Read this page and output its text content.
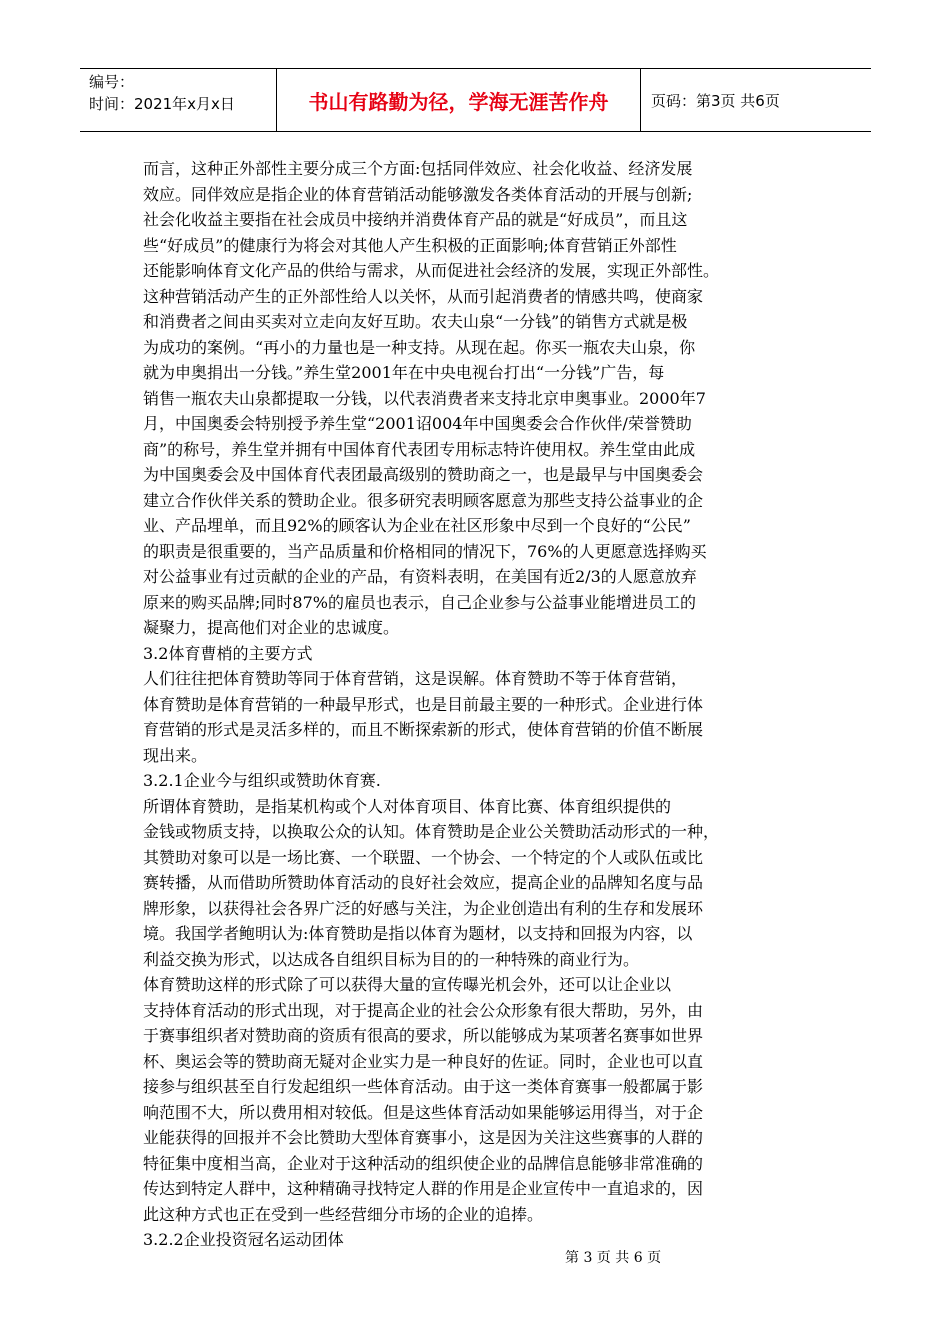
编号：
时间：2021年x月x日	书山有路勤为径，学海无涯苦作舟	页码：第3页 共6页
而言，这种正外部性主要分成三个方面:包括同伴效应、社会化收益、经济发展
效应。同伴效应是指企业的体育营销活动能够激发各类体育活动的开展与创新;
社会化收益主要指在社会成员中接纳并消费体育产品的就是“好成员”，而且这
些“好成员”的健康行为将会对其他人产生积极的正面影响;体育营销正外部性
还能影响体育文化产品的供给与需求，从而促进社会经济的发展，实现正外部性。
这种营销活动产生的正外部性给人以关怀，从而引起消费者的情感共鸣，使商家
和消费者之间由买卖对立走向友好互助。农夫山泉“一分钱”的销售方式就是极
为成功的案例。“再小的力量也是一种支持。从现在起。你买一瓶农夫山泉，你
就为申奥捐出一分钱。”养生堂2001年在中央电视台打出“一分钱”广告，每
销售一瓶农夫山泉都提取一分钱，以代表消费者来支持北京申奥事业。2000年7
月，中国奥委会特别授予养生堂“2001诏004年中国奥委会合作伙伴/荣誉赞助
商”的称号，养生堂并拥有中国体育代表团专用标志特许使用权。养生堂由此成
为中国奥委会及中国体育代表团最高级别的赞助商之一，也是最早与中国奥委会
建立合作伙伴关系的赞助企业。很多研究表明顾客愿意为那些支持公益事业的企
业、产品埋单，而且92%的顾客认为企业在社区形象中尽到一个良好的“公民”
的职责是很重要的，当产品质量和价格相同的情况下，76%的人更愿意选择购买
对公益事业有过贡献的企业的产品，有资料表明，在美国有近2/3的人愿意放弃
原来的购买品牌;同时87%的雇员也表示，自己企业参与公益事业能增进员工的
凝聚力，提高他们对企业的忠诚度。
3.2体育曹梢的主要方式
人们往往把体育赞助等同于体育营销，这是误解。体育赞助不等于体育营销，
体育赞助是体育营销的一种最早形式，也是目前最主要的一种形式。企业进行体
育营销的形式是灵活多样的，而且不断探索新的形式，使体育营销的价值不断展
现出来。
3.2.1企业今与组织或赞助休育赛.
所谓体育赞助，是指某机构或个人对体育项目、体育比赛、体育组织提供的
金钱或物质支持，以换取公众的认知。体育赞助是企业公关赞助活动形式的一种，
其赞助对象可以是一场比赛、一个联盟、一个协会、一个特定的个人或队伍或比
赛转播，从而借助所赞助体育活动的良好社会效应，提高企业的品牌知名度与品
牌形象，以获得社会各界广泛的好感与关注，为企业创造出有利的生存和发展环
境。我国学者鲍明认为:体育赞助是指以体育为题材，以支持和回报为内容，以
利益交换为形式，以达成各自组织目标为目的的一种特殊的商业行为。
体育赞助这样的形式除了可以获得大量的宣传曝光机会外，还可以让企业以
支持体育活动的形式出现，对于提高企业的社会公众形象有很大帮助，另外，由
于赛事组织者对赞助商的资质有很高的要求，所以能够成为某项著名赛事如世界
杯、奥运会等的赞助商无疑对企业实力是一种良好的佐证。同时，企业也可以直
接参与组织甚至自行发起组织一些体育活动。由于这一类体育赛事一般都属于影
响范围不大，所以费用相对较低。但是这些体育活动如果能够运用得当，对于企
业能获得的回报并不会比赞助大型体育赛事小，这是因为关注这些赛事的人群的
特征集中度相当高，企业对于这种活动的组织使企业的品牌信息能够非常准确的
传达到特定人群中，这种精确寻找特定人群的作用是企业宣传中一直追求的，因
此这种方式也正在受到一些经营细分市场的企业的追捧。
3.2.2企业投资冠名运动团体
第 3 页 共 6 页
